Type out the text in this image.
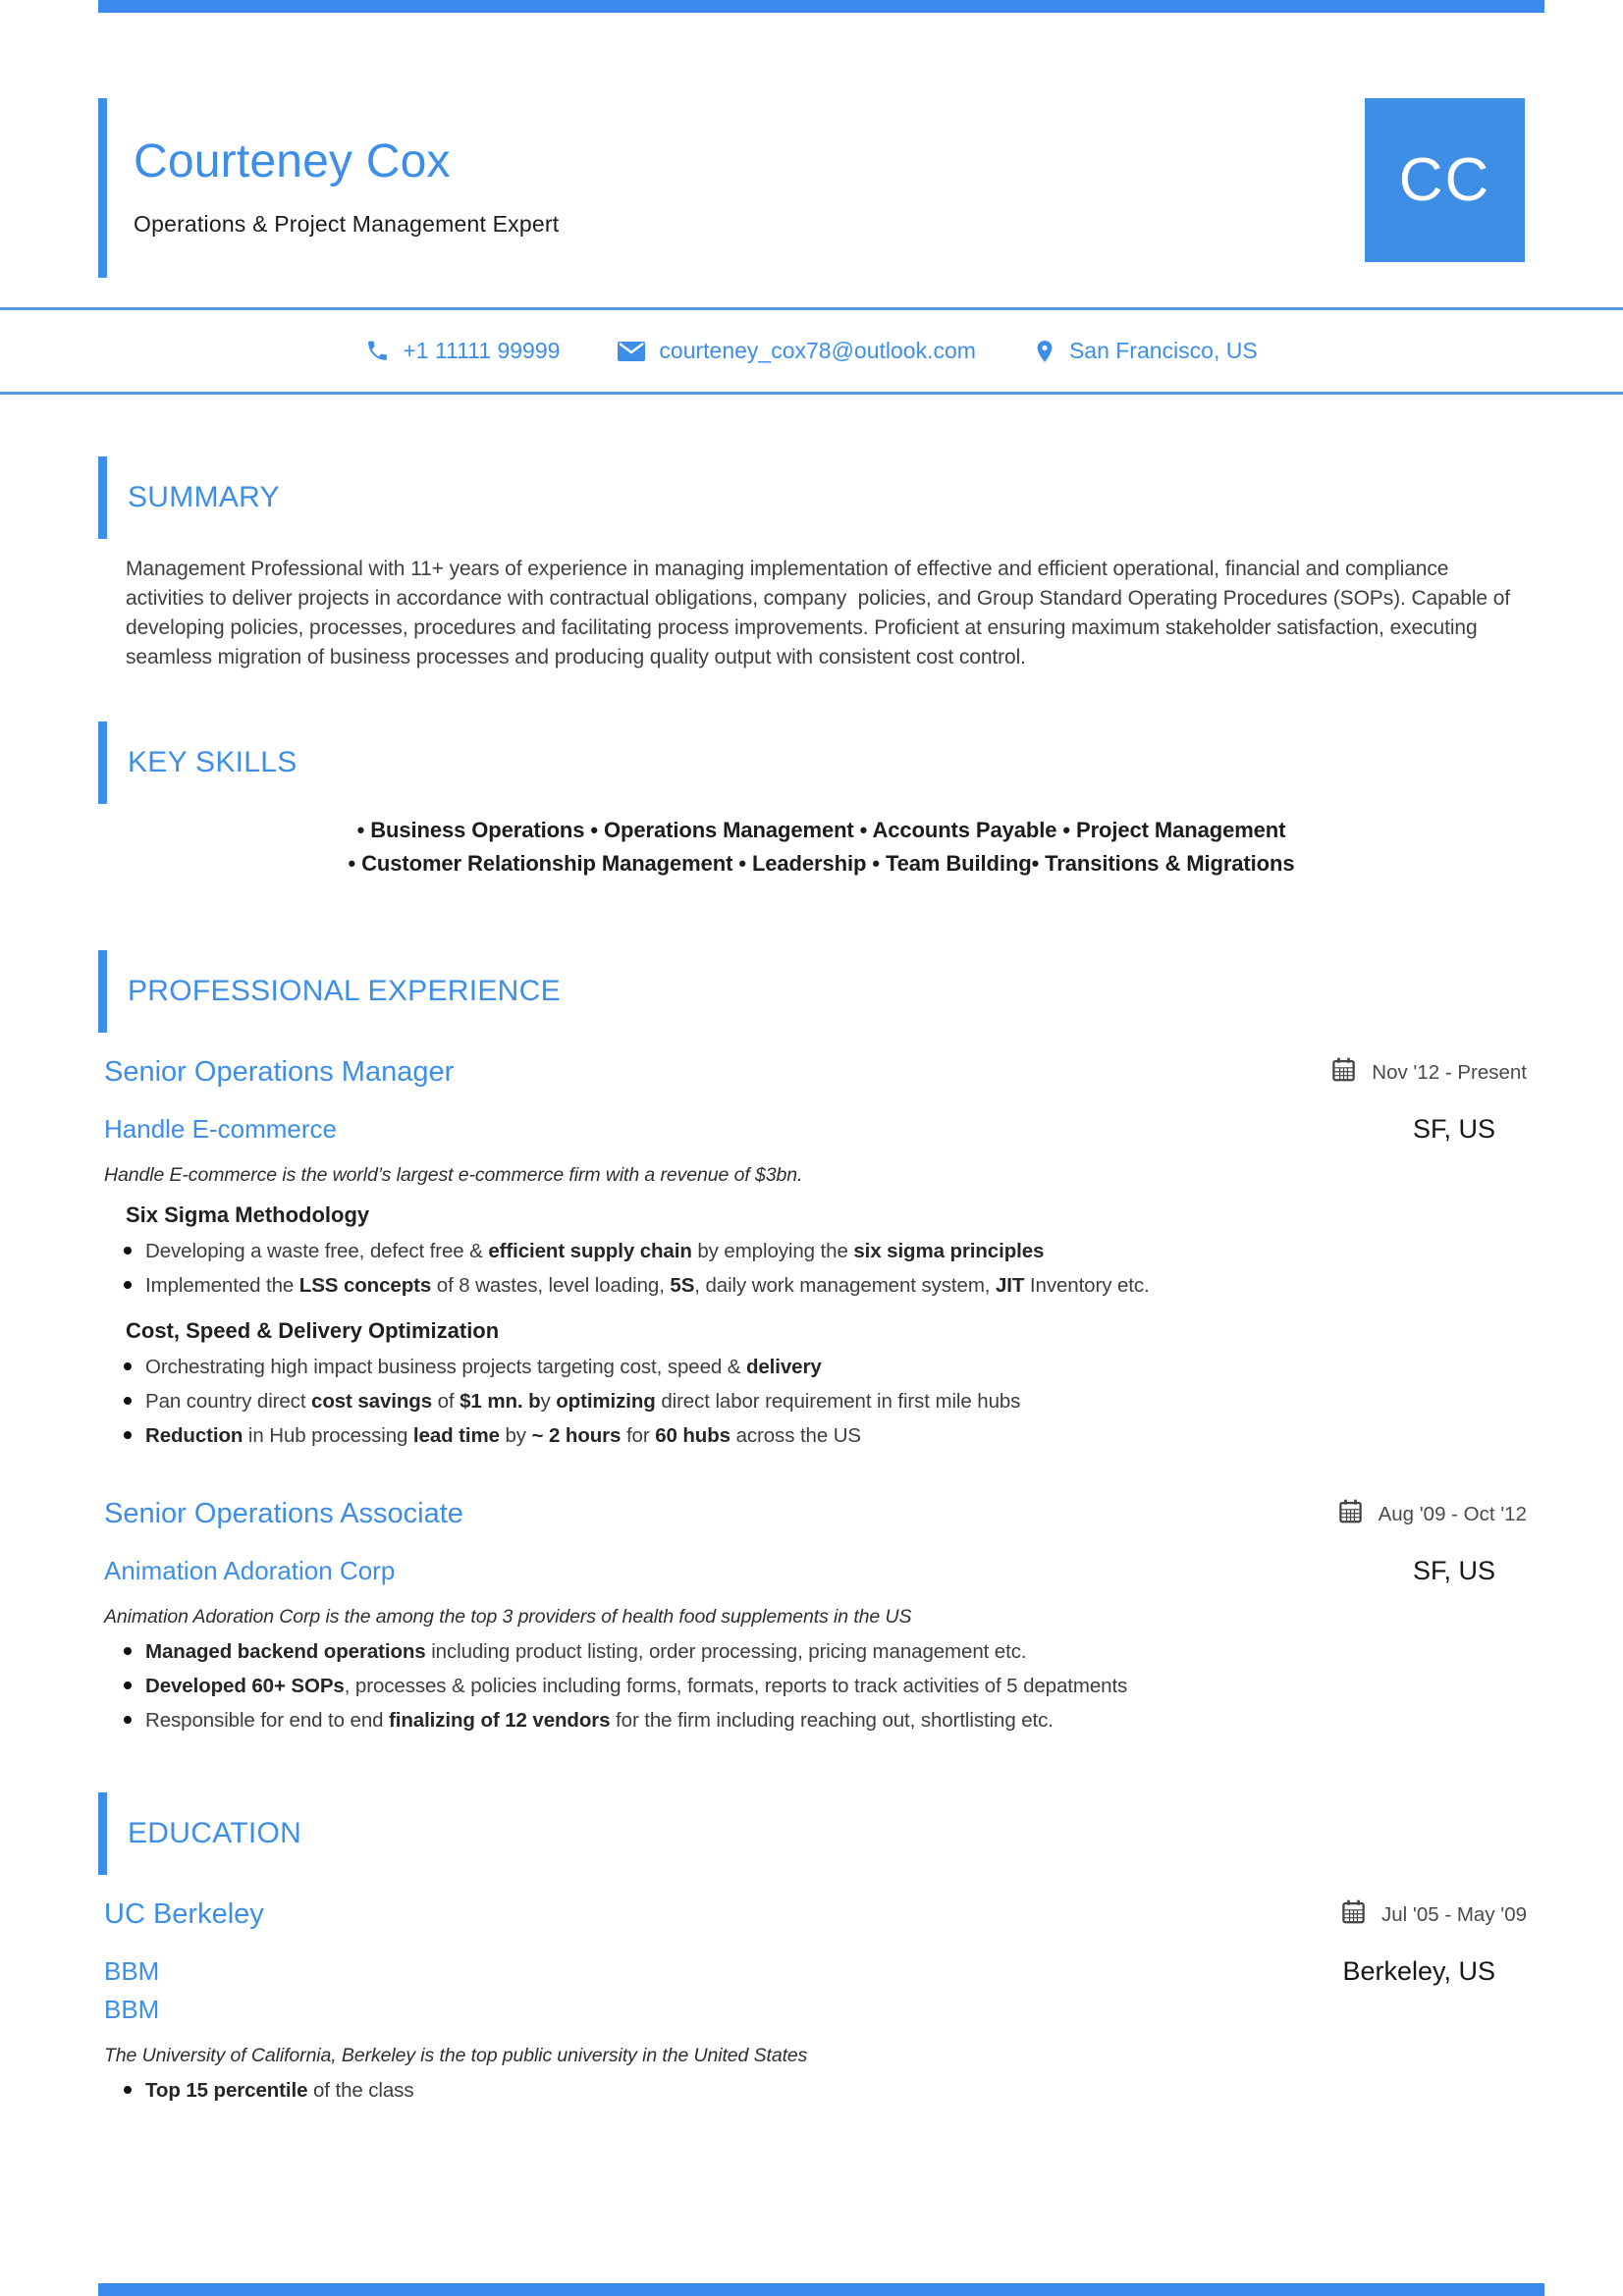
Courteney Cox
Operations & Project Management Expert
CC
+1 11111 99999	courteney_cox78@outlook.com	San Francisco, US
SUMMARY

Management Professional with 11+ years of experience in managing implementation of effective and efficient operational, financial and compliance activities to deliver projects in accordance with contractual obligations, company  policies, and Group Standard Operating Procedures (SOPs). Capable of developing policies, processes, procedures and facilitating process improvements. Proficient at ensuring maximum stakeholder satisfaction, executing seamless migration of business processes and producing quality output with consistent cost control.

KEY SKILLS
• Business Operations • Operations Management • Accounts Payable • Project Management
• Customer Relationship Management • Leadership • Team Building• Transitions & Migrations
PROFESSIONAL EXPERIENCE
Senior Operations Manager	Nov '12 - Present
Handle E-commerce	SF, US
Handle E-commerce is the world’s largest e-commerce firm with a revenue of $3bn.
Six Sigma Methodology
Developing a waste free, defect free & efficient supply chain by employing the six sigma principles
Implemented the LSS concepts of 8 wastes, level loading, 5S, daily work management system, JIT Inventory etc.
Cost, Speed & Delivery Optimization
Orchestrating high impact business projects targeting cost, speed & delivery
Pan country direct cost savings of $1 mn. by optimizing direct labor requirement in first mile hubs
Reduction in Hub processing lead time by ~ 2 hours for 60 hubs across the US
Senior Operations Associate	Aug '09 - Oct '12
Animation Adoration Corp	SF, US
Animation Adoration Corp is the among the top 3 providers of health food supplements in the US
Managed backend operations including product listing, order processing, pricing management etc.
Developed 60+ SOPs, processes & policies including forms, formats, reports to track activities of 5 depatments
Responsible for end to end finalizing of 12 vendors for the firm including reaching out, shortlisting etc.
EDUCATION
UC Berkeley	Jul '05 - May '09
BBM	Berkeley, US
BBM
The University of California, Berkeley is the top public university in the United States
Top 15 percentile of the class
